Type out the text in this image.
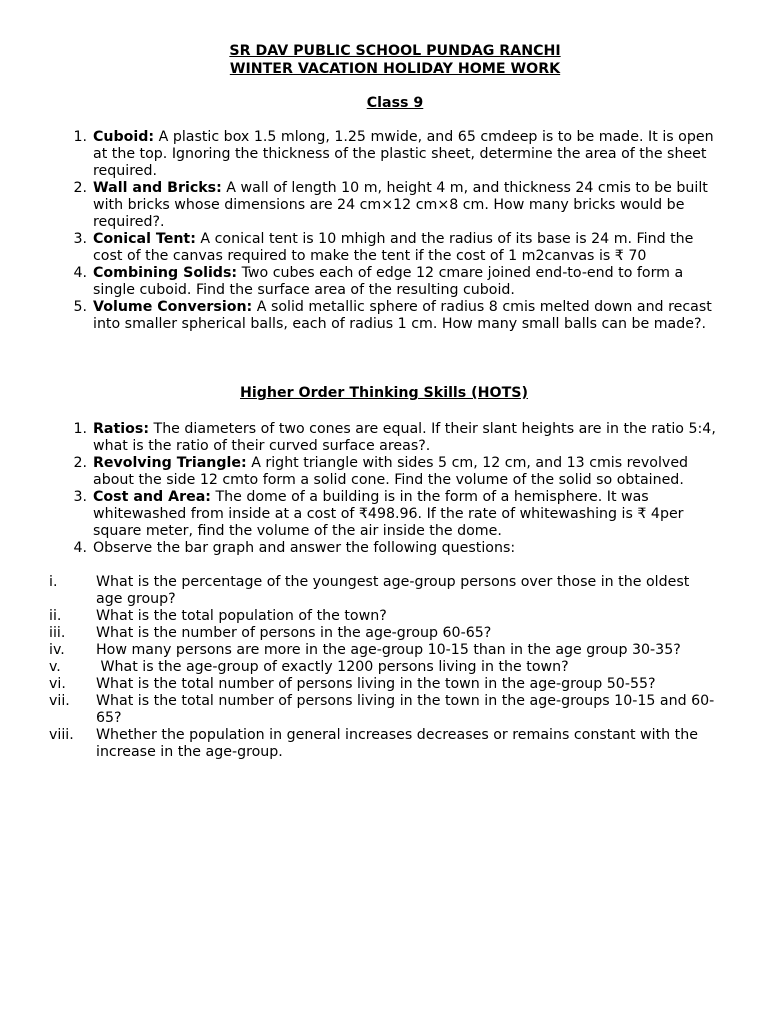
SR DAV PUBLIC SCHOOL PUNDAG RANCHI
WINTER VACATION HOLIDAY HOME WORK
Class 9
1. Cuboid: A plastic box 1.5 mlong, 1.25 mwide, and 65 cmdeep is to be made. It is open at the top. Ignoring the thickness of the plastic sheet, determine the area of the sheet required.
2. Wall and Bricks: A wall of length 10 m, height 4 m, and thickness 24 cmis to be built with bricks whose dimensions are 24 cm×12 cm×8 cm. How many bricks would be required?.
3. Conical Tent: A conical tent is 10 mhigh and the radius of its base is 24 m. Find the cost of the canvas required to make the tent if the cost of 1 m2canvas is ₹ 70
4. Combining Solids: Two cubes each of edge 12 cmare joined end-to-end to form a single cuboid. Find the surface area of the resulting cuboid.
5. Volume Conversion: A solid metallic sphere of radius 8 cmis melted down and recast into smaller spherical balls, each of radius 1 cm. How many small balls can be made?.
Higher Order Thinking Skills (HOTS)
1. Ratios: The diameters of two cones are equal. If their slant heights are in the ratio 5:4, what is the ratio of their curved surface areas?.
2. Revolving Triangle: A right triangle with sides 5 cm, 12 cm, and 13 cmis revolved about the side 12 cmto form a solid cone. Find the volume of the solid so obtained.
3. Cost and Area: The dome of a building is in the form of a hemisphere. It was whitewashed from inside at a cost of ₹498.96. If the rate of whitewashing is ₹ 4per square meter, find the volume of the air inside the dome.
4. Observe the bar graph and answer the following questions:
i.	What is the percentage of the youngest age-group persons over those in the oldest age group?
ii. What is the total population of the town?
iii. What is the number of persons in the age-group 60-65?
iv. How many persons are more in the age-group 10-15 than in the age group 30-35?
v. What is the age-group of exactly 1200 persons living in the town?
vi. What is the total number of persons living in the town in the age-group 50-55?
vii. What is the total number of persons living in the town in the age-groups 10-15 and 60-65?
viii. Whether the population in general increases decreases or remains constant with the increase in the age-group.
